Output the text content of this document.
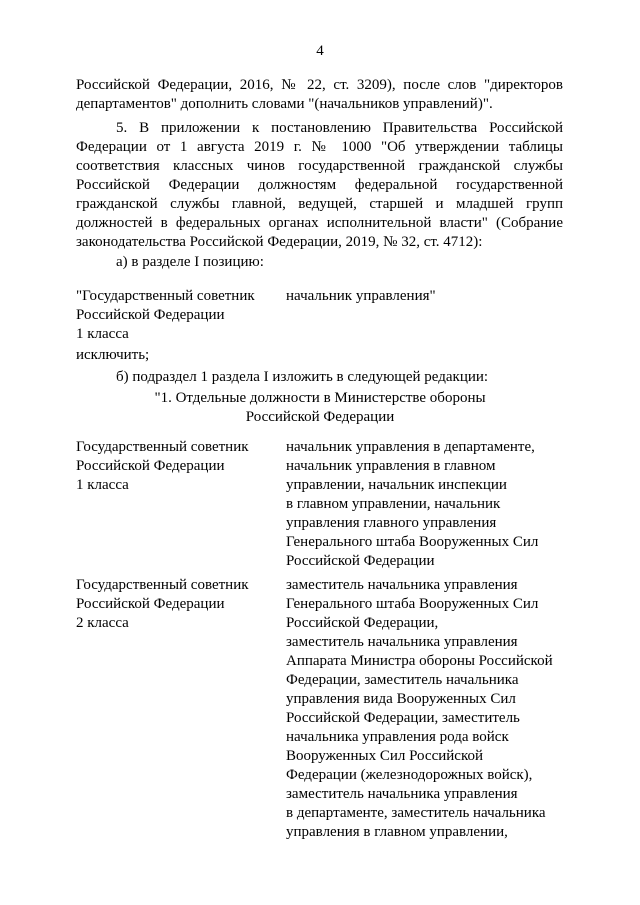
4
Российской Федерации, 2016, № 22, ст. 3209), после слов "директоров
департаментов" дополнить словами "(начальников управлений)".
5. В приложении к постановлению Правительства Российской
Федерации от 1 августа 2019 г. № 1000 "Об утверждении таблицы
соответствия классных чинов государственной гражданской службы
Российской Федерации должностям федеральной государственной
гражданской службы главной, ведущей, старшей и младшей групп
должностей в федеральных органах исполнительной власти" (Собрание
законодательства Российской Федерации, 2019, № 32, ст. 4712):
а) в разделе I позицию:
"Государственный советник
Российской Федерации
1 класса
начальник управления"
исключить;
б) подраздел 1 раздела I изложить в следующей редакции:
"1. Отдельные должности в Министерстве обороны
Российской Федерации
Государственный советник
Российской Федерации
1 класса
начальник управления в департаменте,
начальник управления в главном
управлении, начальник инспекции
в главном управлении, начальник
управления главного управления
Генерального штаба Вооруженных Сил
Российской Федерации
Государственный советник
Российской Федерации
2 класса
заместитель начальника управления
Генерального штаба Вооруженных Сил
Российской Федерации,
заместитель начальника управления
Аппарата Министра обороны Российской
Федерации, заместитель начальника
управления вида Вооруженных Сил
Российской Федерации, заместитель
начальника управления рода войск
Вооруженных Сил Российской
Федерации (железнодорожных войск),
заместитель начальника управления
в департаменте, заместитель начальника
управления в главном управлении,
